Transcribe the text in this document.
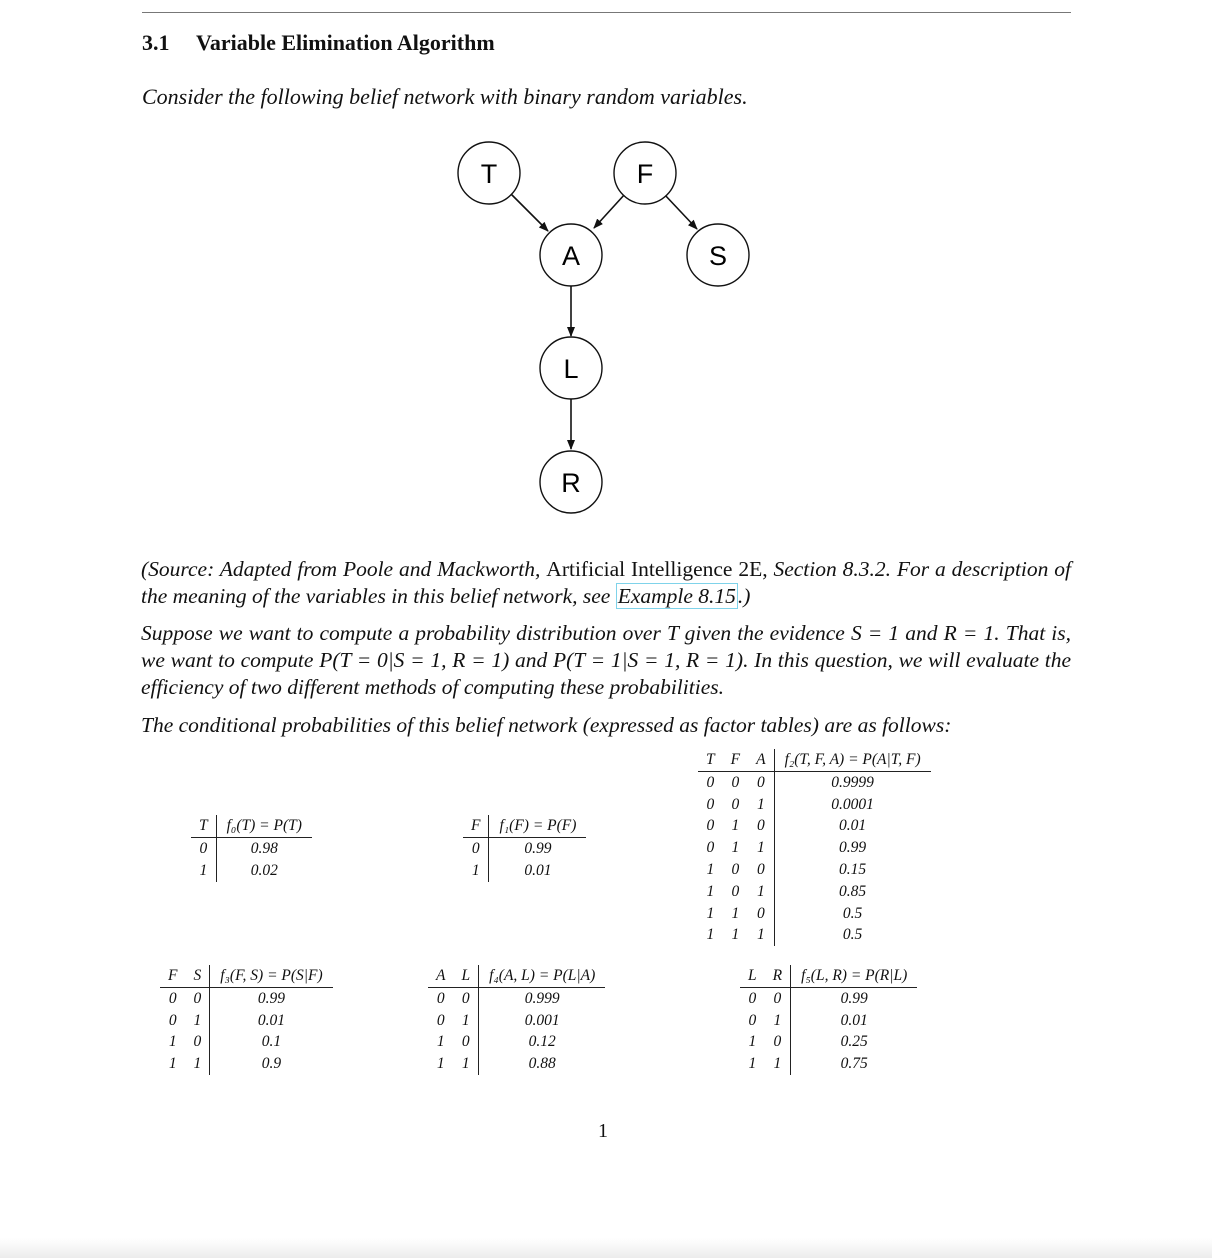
3.1 Variable Elimination Algorithm
Consider the following belief network with binary random variables.
T	F
A	S
L
R
(Source: Adapted from Poole and Mackworth, Artificial Intelligence 2E, Section 8.3.2. For a description of the meaning of the variables in this belief network, see Example 8.15.)
Suppose we want to compute a probability distribution over T given the evidence S = 1 and R = 1. That is, we want to compute P(T = 0|S = 1, R = 1) and P(T = 1|S = 1, R = 1). In this question, we will evaluate the efficiency of two different methods of computing these probabilities.
The conditional probabilities of this belief network (expressed as factor tables) are as follows:
T	f₀(T) = P(T)
0	0.98
1	0.02
F	f₁(F) = P(F)
0	0.99
1	0.01
T	F	A	f₂(T, F, A) = P(A|T, F)
0	0	0	0.9999
0	0	1	0.0001
0	1	0	0.01
0	1	1	0.99
1	0	0	0.15
1	0	1	0.85
1	1	0	0.5
1	1	1	0.5
F	S	f₃(F, S) = P(S|F)
0	0	0.99
0	1	0.01
1	0	0.1
1	1	0.9
A	L	f₄(A, L) = P(L|A)
0	0	0.999
0	1	0.001
1	0	0.12
1	1	0.88
L	R	f₅(L, R) = P(R|L)
0	0	0.99
0	1	0.01
1	0	0.25
1	1	0.75
1
